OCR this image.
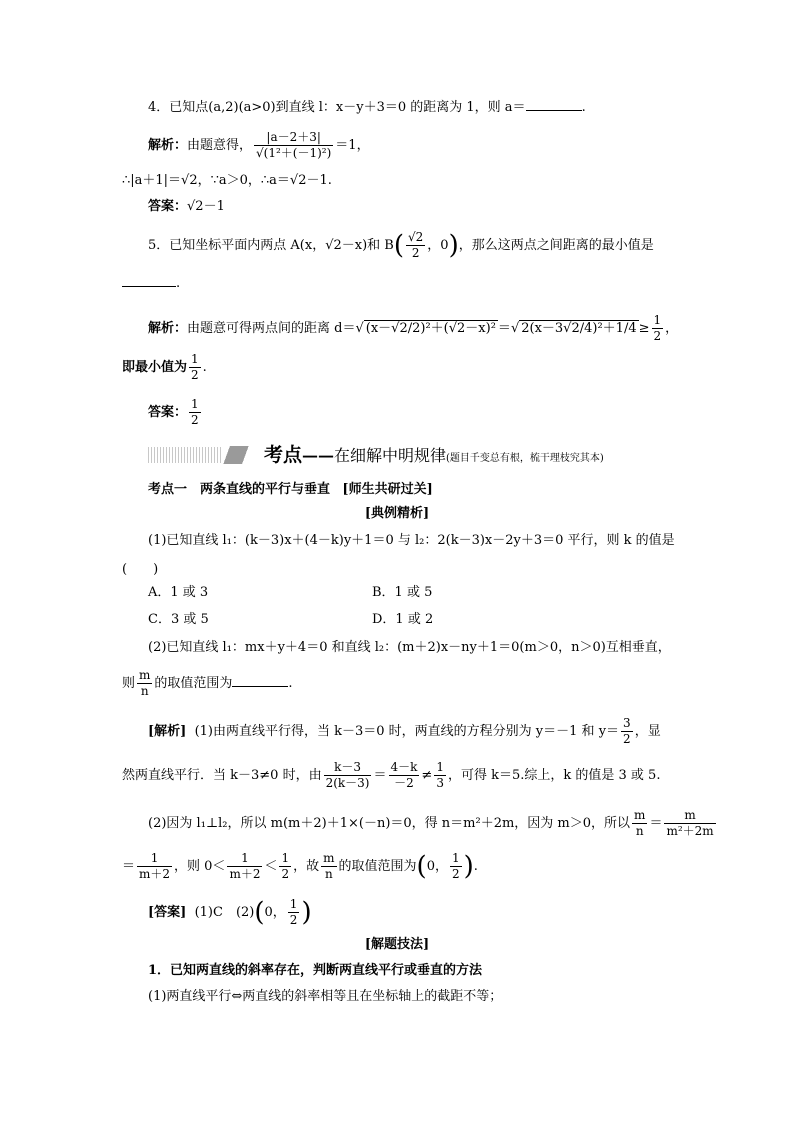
4．已知点(a,2)(a>0)到直线 l：x－y＋3＝0 的距离为 1，则 a＝	.
解析：由题意得， $\frac{|a-2+3|}{\text{√(1²＋(－1)²)}} =1$，
∴|a＋1|＝√2，∵a＞0，∴a＝√2－1.
答案：√2－1
5．已知坐标平面内两点 A(x，√2－x)和 $B( \frac{√2}{2}$ ，0)，那么这两点之间距离的最小值是
.
解析：由题意可得两点间的距离 d＝√ (x－√2/2)²＋(√2－x)² ＝√ $2(x-3√2/4)^2+1/4 \ge \frac{1}{2}$ ，
即最小值为 $\frac{1}{2}$ .
答案： $\frac{1}{2}$
考点——在细解中明规律(题目千变总有根，梳干理枝究其本)
考点一　两条直线的平行与垂直 [师生共研过关]
[典例精析]
(1)已知直线 l₁：(k－3)x＋(4－k)y＋1＝0 与 l₂：2(k－3)x－2y＋3＝0 平行，则 k 的值是
(　　)
A．1 或 3	B．1 或 5
C．3 或 5	D．1 或 2
(2)已知直线 l₁：mx＋y＋4＝0 和直线 l₂：(m＋2)x－ny＋1＝0(m＞0，n＞0)互相垂直，
则 $\frac{m}{n}$ 的取值范围为	.
[解析] (1)由两直线平行得，当 k－3＝0 时，两直线的方程分别为 y＝－1 和 $y= \frac{3}{2}$ ，显
然两直线平行．当 k－3≠0 时，由 $\frac{k-3}{2(k-3)} = \frac{4-k}{-2} \ne \frac{1}{3}$ ，可得 k＝5.综上，k 的值是 3 或 5.
(2)因为 l₁⊥l₂，所以 m(m＋2)＋1×(－n)＝0，得 n＝m²＋2m，因为 m＞0，所以 $\frac{m}{n} = \frac{m}{\text{m²＋2m}}$
＝ $\frac{1}{m+2}$ ，则 $0< \frac{1}{m+2} < \frac{1}{2}$ ，故 $\frac{m}{n}$ 的取值范围为(0， $\frac{1}{2}$ ).
[答案] (1)C　(2)(0， $\frac{1}{2}$ )
[解题技法]
1．已知两直线的斜率存在，判断两直线平行或垂直的方法
(1)两直线平行⇔两直线的斜率相等且在坐标轴上的截距不等；
